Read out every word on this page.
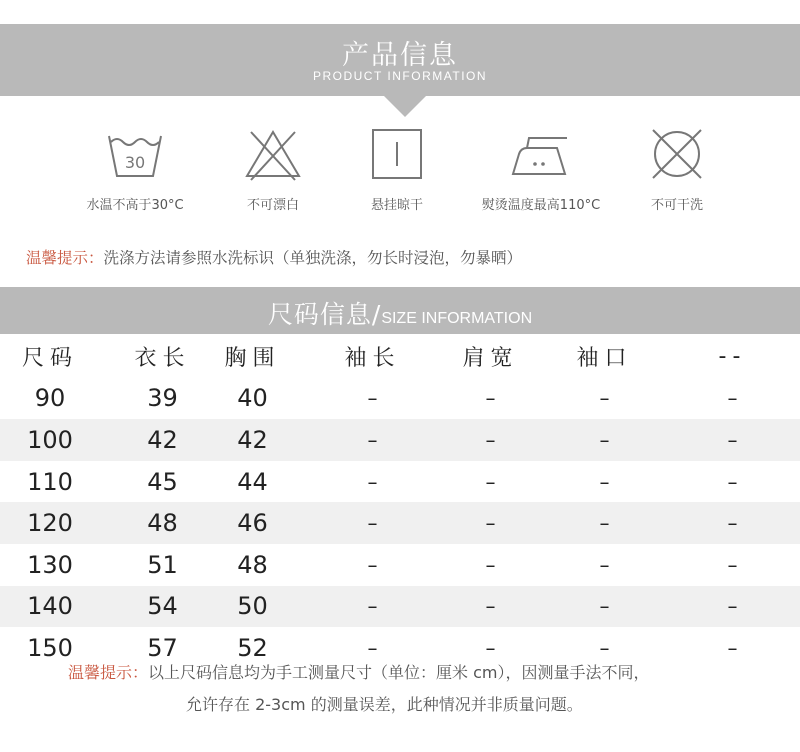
产品信息
PRODUCT INFORMATION
30
水温不高于30°C	不可漂白	悬挂晾干	熨烫温度最高110°C	不可干洗
温馨提示：洗涤方法请参照水洗标识（单独洗涤，勿长时浸泡，勿暴晒）
尺码信息/SIZE INFORMATION
尺码	衣长	胸围	袖长	肩宽	袖口	--
90	39	40	–	–	–	–
100	42	42	–	–	–	–
110	45	44	–	–	–	–
120	48	46	–	–	–	–
130	51	48	–	–	–	–
140	54	50	–	–	–	–
150	57	52	–	–	–	–
温馨提示：以上尺码信息均为手工测量尺寸（单位：厘米 cm），因测量手法不同，
允许存在 2-3cm 的测量误差，此种情况并非质量问题。
